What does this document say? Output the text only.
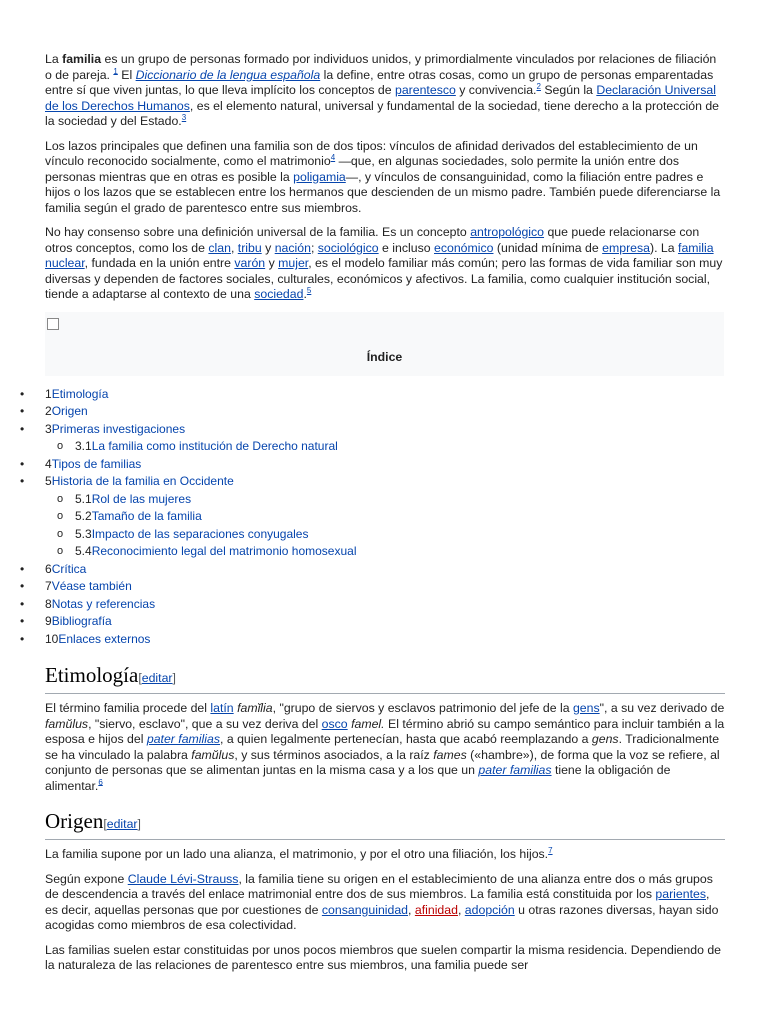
La familia es un grupo de personas formado por individuos unidos, y primordialmente vinculados por relaciones de filiación o de pareja. $^1$ El Diccionario de la lengua española la define, entre otras cosas, como un grupo de personas emparentadas entre sí que viven juntas, lo que lleva implícito los conceptos de parentesco y convivencia.$^2$ Según la Declaración Universal de los Derechos Humanos, es el elemento natural, universal y fundamental de la sociedad, tiene derecho a la protección de la sociedad y del Estado.$^3$

Los lazos principales que definen una familia son de dos tipos: vínculos de afinidad derivados del establecimiento de un vínculo reconocido socialmente, como el matrimonio$^4$ —que, en algunas sociedades, solo permite la unión entre dos personas mientras que en otras es posible la poligamia—, y vínculos de consanguinidad, como la filiación entre padres e hijos o los lazos que se establecen entre los hermanos que descienden de un mismo padre. También puede diferenciarse la familia según el grado de parentesco entre sus miembros.

No hay consenso sobre una definición universal de la familia. Es un concepto antropológico que puede relacionarse con otros conceptos, como los de clan, tribu y nación; sociológico e incluso económico (unidad mínima de empresa). La familia nuclear, fundada en la unión entre varón y mujer, es el modelo familiar más común; pero las formas de vida familiar son muy diversas y dependen de factores sociales, culturales, económicos y afectivos. La familia, como cualquier institución social, tiende a adaptarse al contexto de una sociedad.$^5$

Índice
• 1Etimología
• 2Origen
• 3Primeras investigaciones
o 3.1La familia como institución de Derecho natural
• 4Tipos de familias
• 5Historia de la familia en Occidente
o 5.1Rol de las mujeres
o 5.2Tamaño de la familia
o 5.3Impacto de las separaciones conyugales
o 5.4Reconocimiento legal del matrimonio homosexual
• 6Crítica
• 7Véase también
• 8Notas y referencias
• 9Bibliografía
• 10Enlaces externos
Etimología[editar]

El término familia procede del latín famĭlia, "grupo de siervos y esclavos patrimonio del jefe de la gens", a su vez derivado de famŭlus, "siervo, esclavo", que a su vez deriva del osco famel. El término abrió su campo semántico para incluir también a la esposa e hijos del pater familias, a quien legalmente pertenecían, hasta que acabó reemplazando a gens. Tradicionalmente se ha vinculado la palabra famŭlus, y sus términos asociados, a la raíz fames («hambre»), de forma que la voz se refiere, al conjunto de personas que se alimentan juntas en la misma casa y a los que un pater familias tiene la obligación de alimentar.$^6$

Origen[editar]

La familia supone por un lado una alianza, el matrimonio, y por el otro una filiación, los hijos.$^7$

Según expone Claude Lévi-Strauss, la familia tiene su origen en el establecimiento de una alianza entre dos o más grupos de descendencia a través del enlace matrimonial entre dos de sus miembros. La familia está constituida por los parientes, es decir, aquellas personas que por cuestiones de consanguinidad, afinidad, adopción u otras razones diversas, hayan sido acogidas como miembros de esa colectividad.

Las familias suelen estar constituidas por unos pocos miembros que suelen compartir la misma residencia. Dependiendo de la naturaleza de las relaciones de parentesco entre sus miembros, una familia puede ser
